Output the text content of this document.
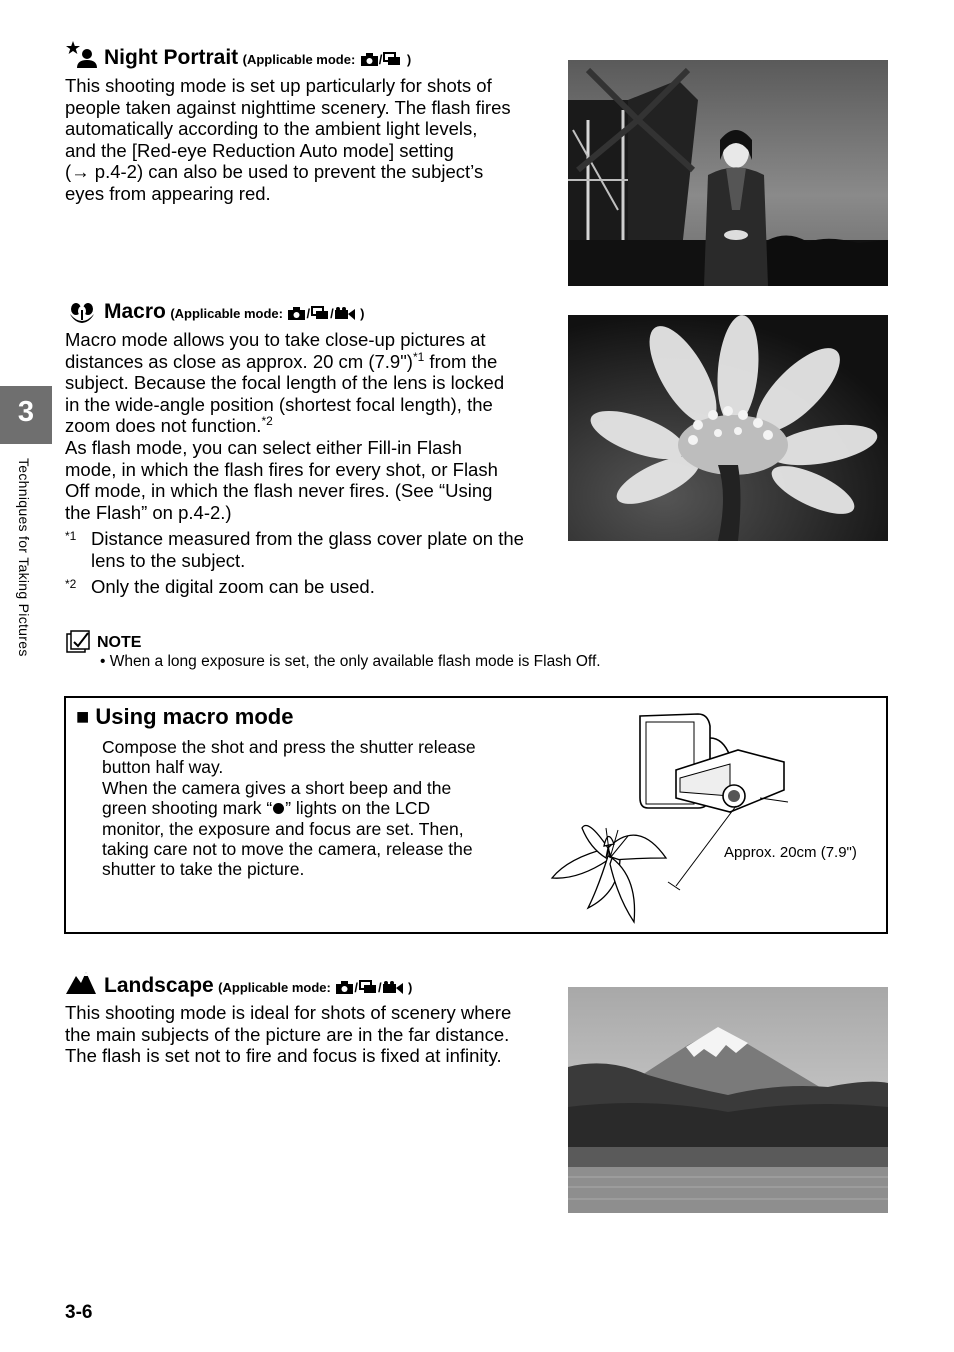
3
Techniques for Taking Pictures
Night Portrait (Applicable mode: / )
This shooting mode is set up particularly for shots of
people taken against nighttime scenery. The flash fires
automatically according to the ambient light levels,
and the [Red-eye Reduction Auto mode] setting
(→ p.4-2) can also be used to prevent the subject’s
eyes from appearing red.
Macro (Applicable mode: / / )
Macro mode allows you to take close-up pictures at
distances as close as approx. 20 cm (7.9")$^{*1}$ from the
subject. Because the focal length of the lens is locked
in the wide-angle position (shortest focal length), the
zoom does not function.$^{*2}$
As flash mode, you can select either Fill-in Flash
mode, in which the flash fires for every shot, or Flash
Off mode, in which the flash never fires. (See “Using
the Flash” on p.4-2.)
*1 Distance measured from the glass cover plate on the
lens to the subject.
*2 Only the digital zoom can be used.
NOTE
• When a long exposure is set, the only available flash mode is Flash Off.
■ Using macro mode
Compose the shot and press the shutter release
button half way.
When the camera gives a short beep and the
green shooting mark “ ” lights on the LCD
monitor, the exposure and focus are set. Then,
taking care not to move the camera, release the
shutter to take the picture.
Approx. 20cm (7.9")
Landscape (Applicable mode: / / )
This shooting mode is ideal for shots of scenery where
the main subjects of the picture are in the far distance.
The flash is set not to fire and focus is fixed at infinity.
3-6
